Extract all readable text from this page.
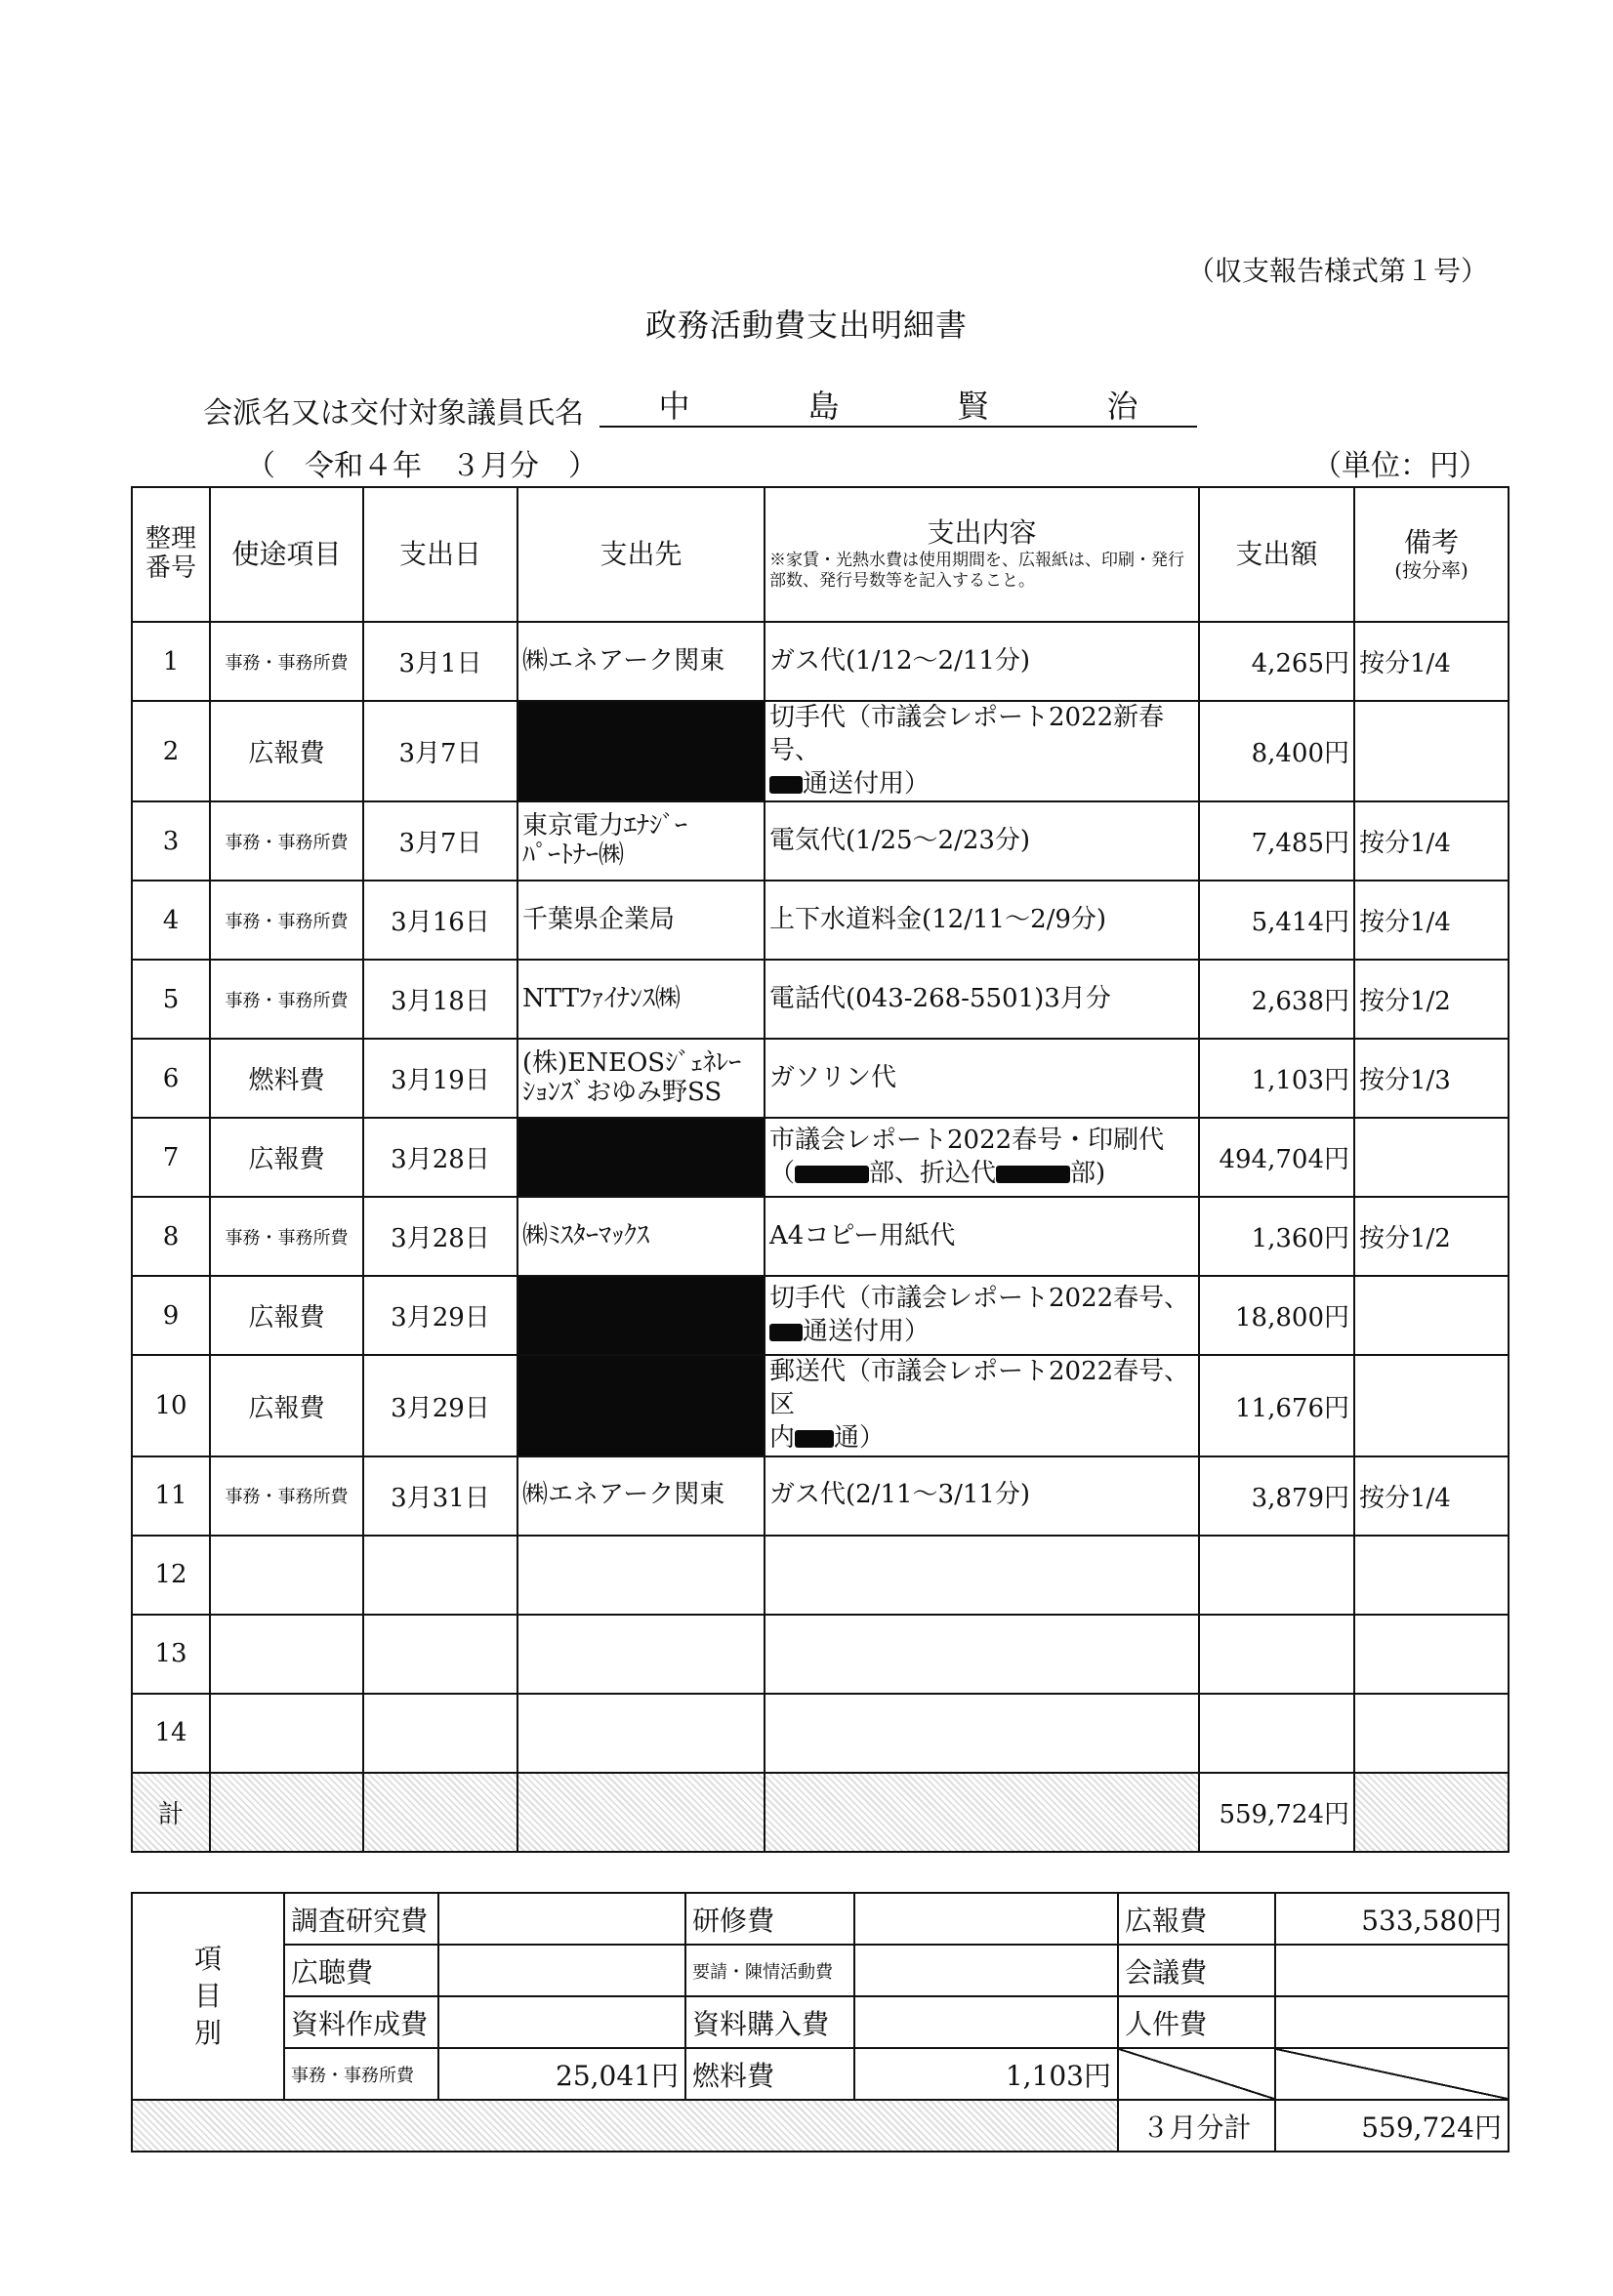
（収支報告様式第１号）
政務活動費支出明細書
会派名又は交付対象議員氏名 中	島	賢	治
（　令和４年　３月分　）	（単位：円）
整理番号	使途項目	支出日	支出先	支出内容
※家賃・光熱水費は使用期間を、広報紙は、印刷・発行部数、発行号数等を記入すること。	支出額	備考
(按分率)

1	事務・事務所費	3月1日	㈱エネアーク関東	ガス代(1/12～2/11分)	4,265円	按分1/4
2	広報費	3月7日		切手代（市議会レポート2022新春号、
通送付用）	8,400円	
3	事務・事務所費	3月7日	東京電力ｴﾅｼﾞｰ
ﾊﾟｰﾄﾅｰ㈱	電気代(1/25～2/23分)	7,485円	按分1/4
4	事務・事務所費	3月16日	千葉県企業局	上下水道料金(12/11～2/9分)	5,414円	按分1/4
5	事務・事務所費	3月18日	NTTﾌｧｲﾅﾝｽ㈱	電話代(043-268-5501)3月分	2,638円	按分1/2
6	燃料費	3月19日	(株)ENEOSｼﾞｪﾈﾚｰ
ｼｮﾝｽﾞおゆみ野SS	ガソリン代	1,103円	按分1/3
7	広報費	3月28日		市議会レポート2022春号・印刷代
（ 部、折込代 部)	494,704円	
8	事務・事務所費	3月28日	㈱ﾐｽﾀｰﾏｯｸｽ	A4コピー用紙代	1,360円	按分1/2
9	広報費	3月29日		切手代（市議会レポート2022春号、
通送付用）	18,800円	
10	広報費	3月29日		郵送代（市議会レポート2022春号、区
内 通）	11,676円	
11	事務・事務所費	3月31日	㈱エネアーク関東	ガス代(2/11～3/11分)	3,879円	按分1/4
12						
13						
14						
計					559,724円	
項
目
別	調査研究費		研修費		広報費	533,580円
	広聴費		要請・陳情活動費		会議費	
	資料作成費		資料購入費		人件費	
	事務・事務所費	25,041円	燃料費	1,103円		
					３月分計	559,724円
